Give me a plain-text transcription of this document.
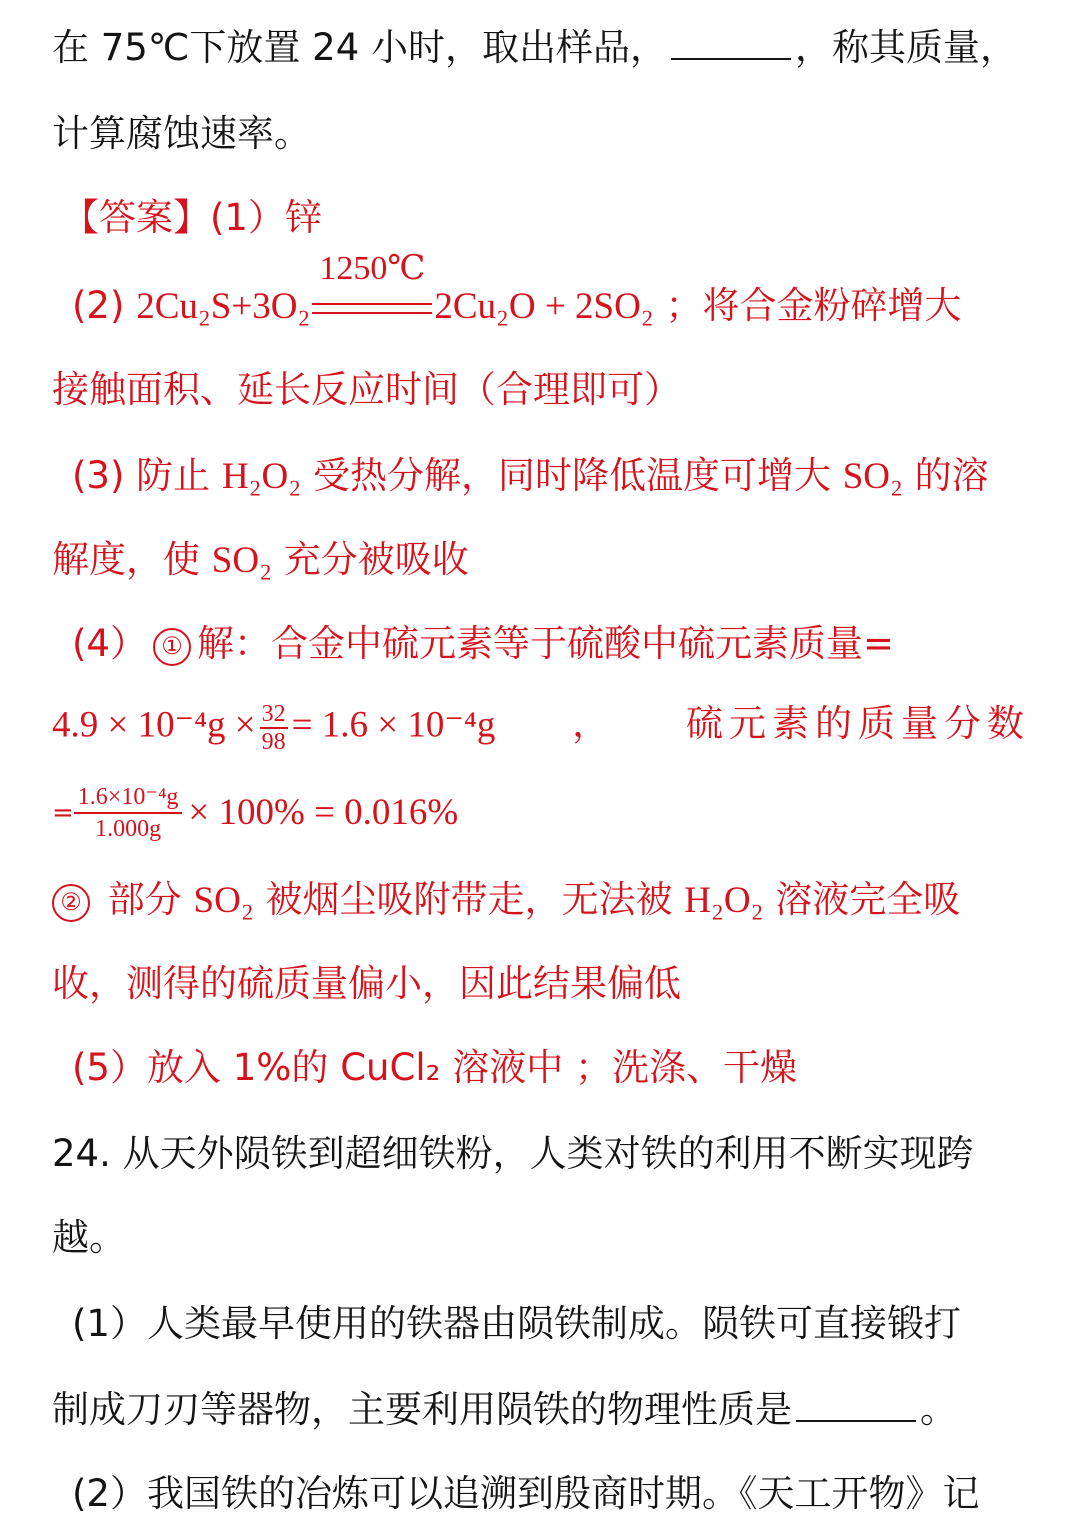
在 75℃下放置 24 小时，取出样品，	，称其质量，
计算腐蚀速率。
【答案】(1）锌
(2) 2Cu₂S+3O₂
1250℃
2Cu₂O + 2SO₂ ；将合金粉碎增大
接触面积、延长反应时间（合理即可）
(3) 防止 H₂O₂ 受热分解，同时降低温度可增大 SO₂ 的溶
解度，使 SO₂ 充分被吸收
(4） ① 解：合金中硫元素等于硫酸中硫元素质量=
$4.9 \times 10^{-4}g \times \frac{32}{98} = 1.6 \times 10^{-4}g$ ， 硫元素的质量分数
= $\frac{\text{1.6×10⁻⁴g}}{1.000g} \times 100\% = 0.016\%$
② 部分 SO₂ 被烟尘吸附带走，无法被 H₂O₂ 溶液完全吸
收，测得的硫质量偏小，因此结果偏低
(5）放入 1%的 CuCl₂ 溶液中 ；洗涤、干燥
24. 从天外陨铁到超细铁粉，人类对铁的利用不断实现跨
越。
(1）人类最早使用的铁器由陨铁制成。陨铁可直接锻打
制成刀刃等器物，主要利用陨铁的物理性质是	。
(2）我国铁的冶炼可以追溯到殷商时期。《天工开物》记
